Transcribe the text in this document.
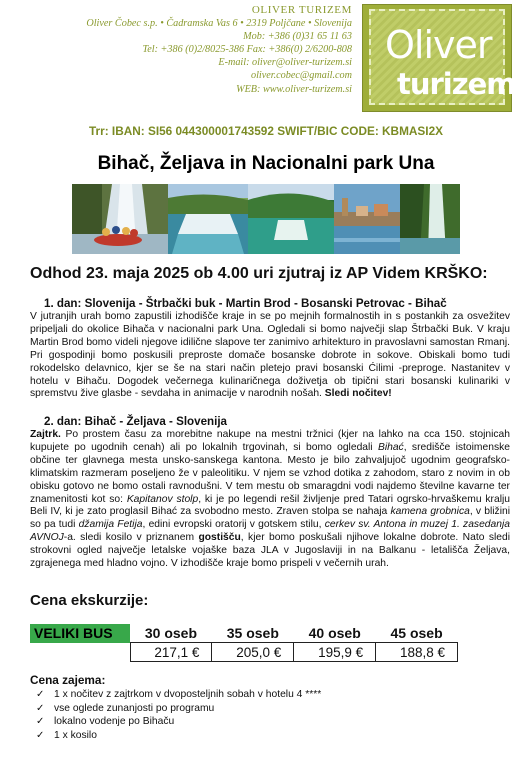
OLIVER TURIZEM
Oliver Čobec s.p. • Čadramska Vas 6 • 2319 Poljčane • Slovenija
Mob: +386 (0)31 65 11 63
Tel: +386 (0)2/8025-386 Fax: +386(0) 2/6200-808
E-mail: oliver@oliver-turizem.si
oliver.cobec@gmail.com
WEB: www.oliver-turizem.si
Oliver
turizem
Trr: IBAN: SI56 044300001743592 SWIFT/BIC CODE: KBMASI2X
Bihač, Željava in Nacionalni park Una
Odhod 23. maja 2025 ob 4.00 uri zjutraj iz AP Videm KRŠKO:
1. dan: Slovenija - Štrbački buk - Martin Brod - Bosanski Petrovac - Bihač

V jutranjih urah bomo zapustili izhodišče kraje in se po mejnih formalnostih in s postankih za osvežitev pripeljali do okolice Bihača v nacionalni park Una. Ogledali si bomo največji slap Štrbački Buk. V kraju Martin Brod bomo videli njegove idilične slapove ter zanimivo arhitekturo in pravoslavni samostan Rmanj. Pri gospodinji bomo poskusili preproste domače bosanske dobrote in sokove. Obiskali bomo tudi rokodelsko delavnico, kjer se še na stari način pletejo pravi bosanski Ćilimi -preproge. Nastanitev v hotelu v Bihaču. Dogodek večernega kulinaričnega doživetja ob tipični stari bosanski kulinariki v spremstvu žive glasbe - sevdaha in animacije v narodnih nošah. Sledi nočitev!

2. dan: Bihač - Željava - Slovenija

Zajtrk. Po prostem času za morebitne nakupe na mestni tržnici (kjer na lahko na cca 150. stojnicah kupujete po ugodnih cenah) ali po lokalnih trgovinah, si bomo ogledali Bihać, središče istoimenske občine ter glavnega mesta unsko-sanskega kantona. Mesto je bilo zahvaljujoč ugodnim geografsko-klimatskim razmeram poseljeno že v paleolitiku. V njem se vzhod dotika z zahodom, staro z novim in ob obisku gotovo ne bomo ostali ravnodušni. V tem mestu ob smaragdni vodi najdemo številne kavarne ter znamenitosti kot so: Kapitanov stolp, ki je po legendi rešil življenje pred Tatari ogrsko-hrvaškemu kralju Beli IV, ki je zato proglasil Bihać za svobodno mesto. Zraven stolpa se nahaja kamena grobnica, v bližini so pa tudi džamija Fetija, edini evropski oratorij v gotskem stilu, cerkev sv. Antona in muzej 1. zasedanja AVNOJ-a. sledi kosilo v priznanem gostišču, kjer bomo poskušali njihove lokalne dobrote. Nato sledi strokovni ogled največje letalske vojaške baza JLA v Jugoslaviji in na Balkanu - letališča Željava, zgrajenega med hladno vojno. V izhodišče kraje bomo prispeli v večernih urah.

Cena ekskurzije:
VELIKI BUS	30 oseb	35 oseb	40 oseb	45 oseb
	217,1 €	205,0 €	195,9 €	188,8 €
Cena zajema:
✓ 1 x nočitev z zajtrkom v dvoposteljnih sobah v hotelu 4 ****
✓ vse oglede zunanjosti po programu
✓ lokalno vodenje po Bihaču
✓ 1 x kosilo
